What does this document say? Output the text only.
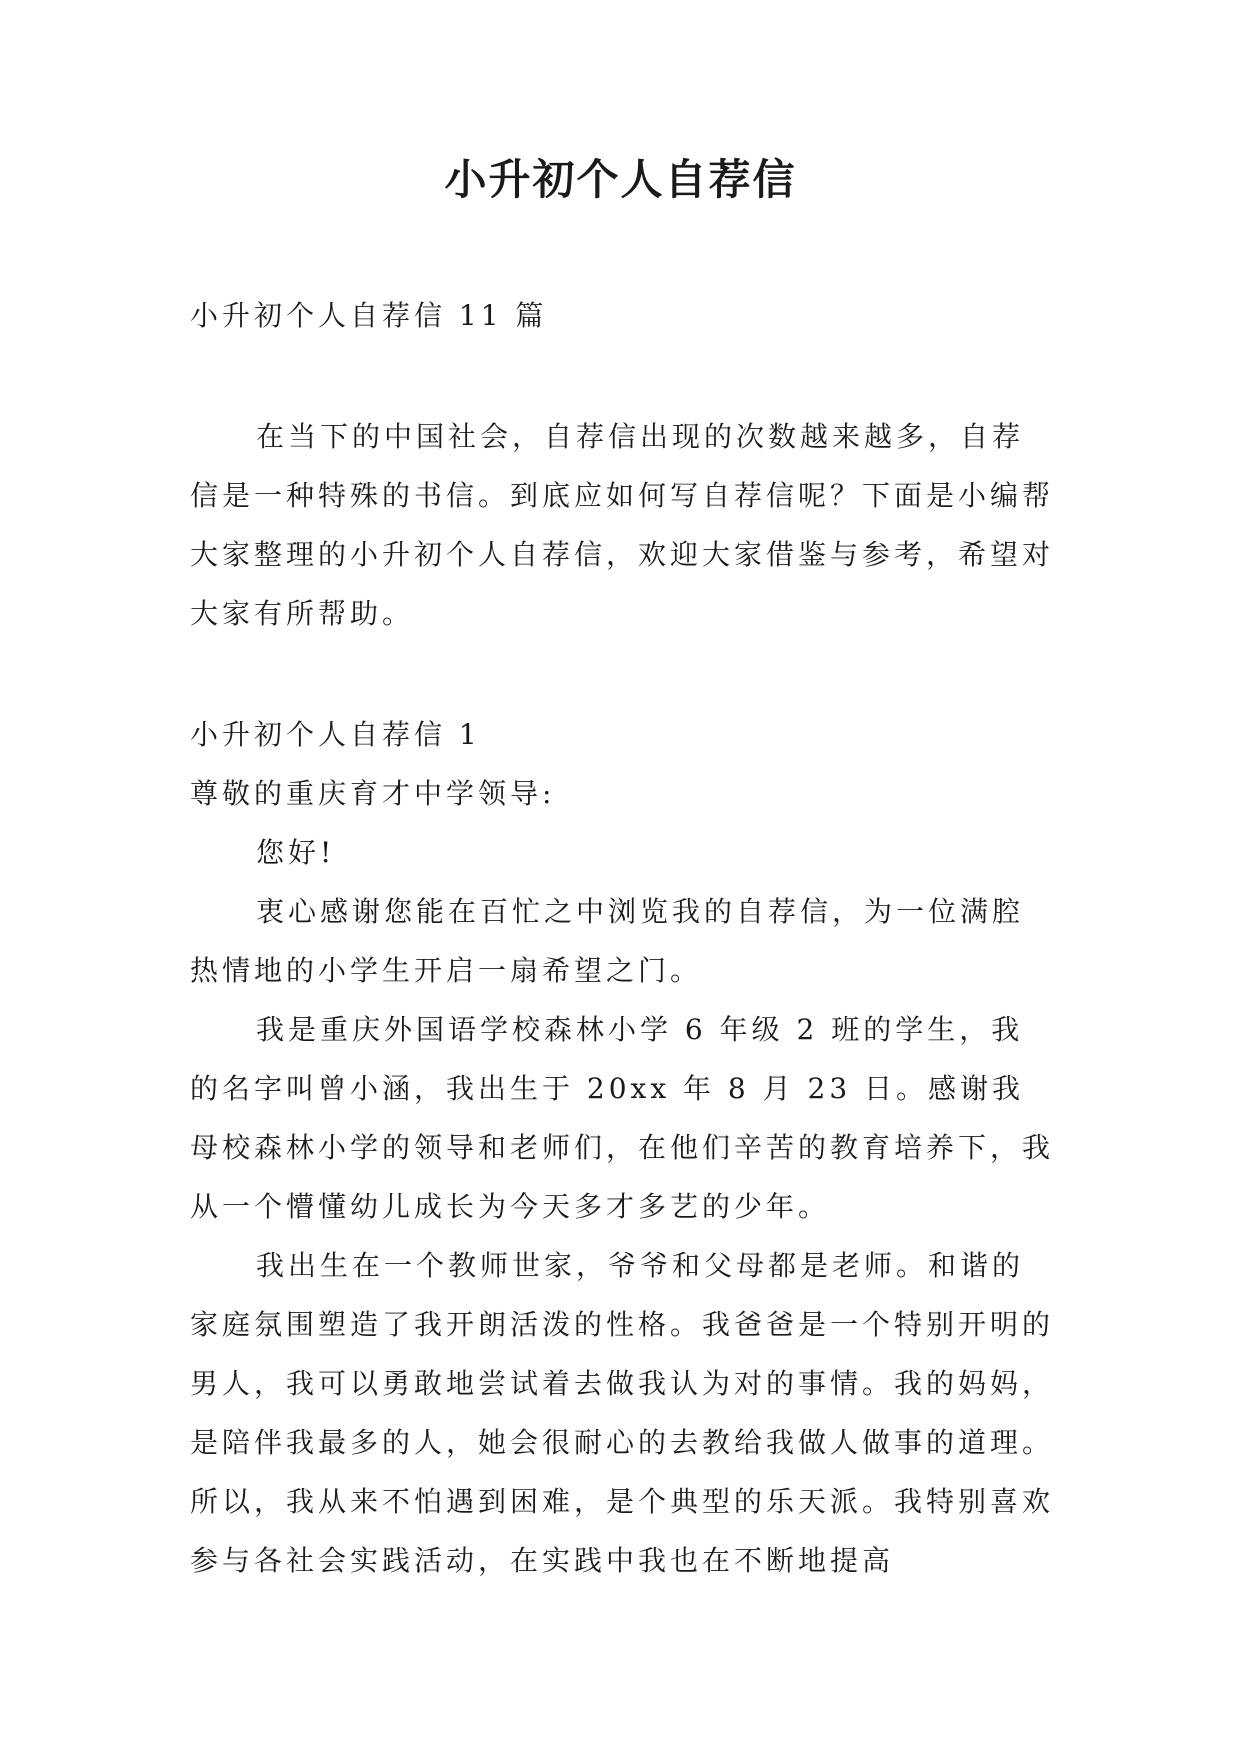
小升初个人自荐信

小升初个人自荐信 11 篇

在当下的中国社会，自荐信出现的次数越来越多，自荐信是一种特殊的书信。到底应如何写自荐信呢？下面是小编帮大家整理的小升初个人自荐信，欢迎大家借鉴与参考，希望对大家有所帮助。

小升初个人自荐信 1

尊敬的重庆育才中学领导:

您好!

衷心感谢您能在百忙之中浏览我的自荐信，为一位满腔热情地的小学生开启一扇希望之门。

我是重庆外国语学校森林小学 6 年级 2 班的学生，我的名字叫曾小涵，我出生于 20xx 年 8 月 23 日。感谢我母校森林小学的领导和老师们，在他们辛苦的教育培养下，我从一个懵懂幼儿成长为今天多才多艺的少年。

我出生在一个教师世家，爷爷和父母都是老师。和谐的家庭氛围塑造了我开朗活泼的性格。我爸爸是一个特别开明的男人，我可以勇敢地尝试着去做我认为对的事情。我的妈妈，是陪伴我最多的人，她会很耐心的去教给我做人做事的道理。所以，我从来不怕遇到困难，是个典型的乐天派。我特别喜欢参与各社会实践活动，在实践中我也在不断地提高
